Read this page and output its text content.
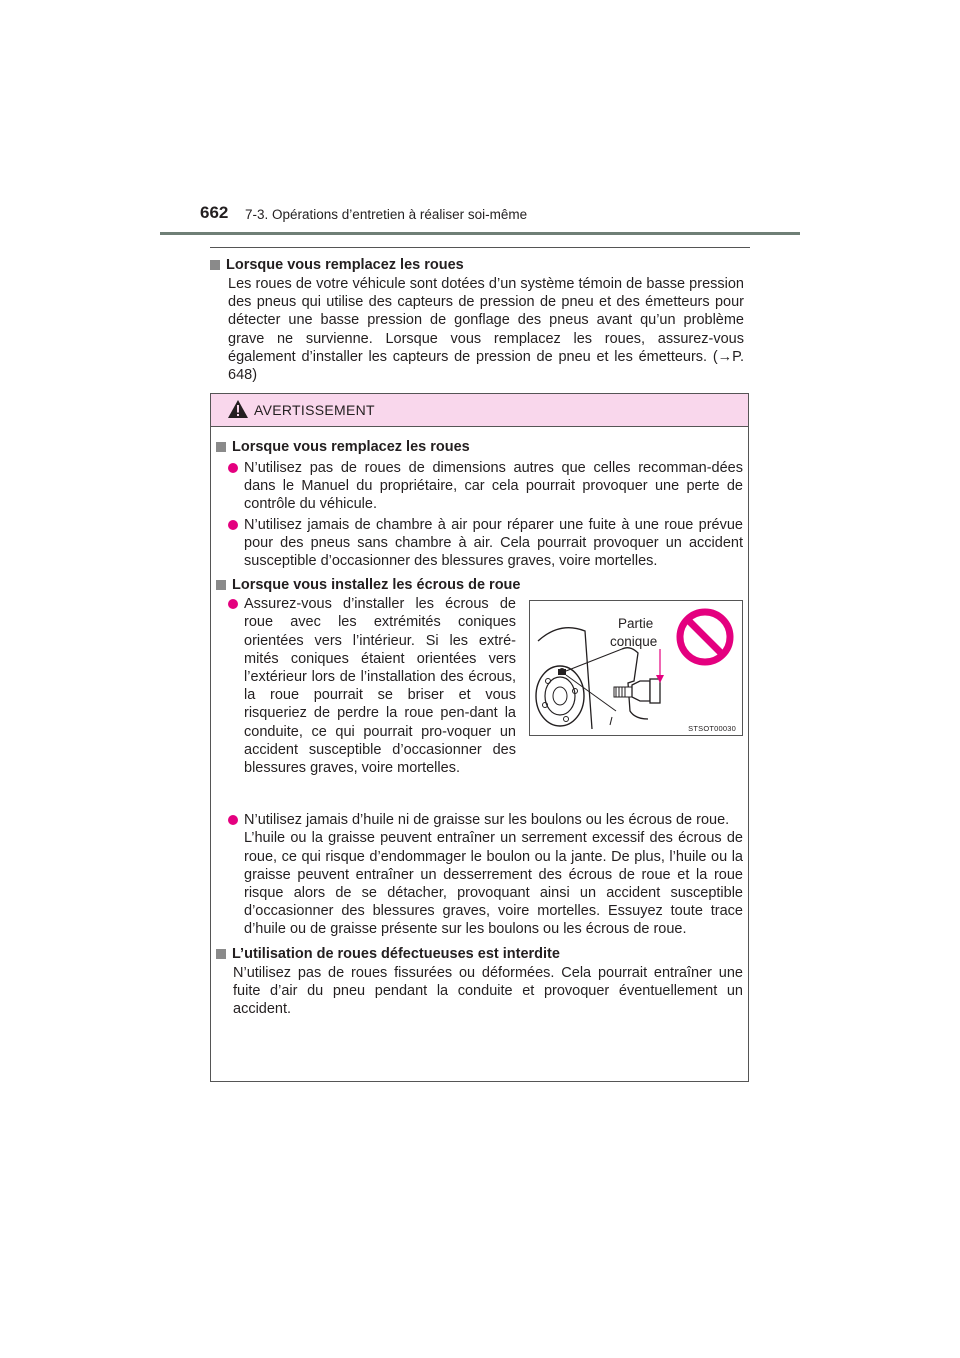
662 7-3. Opérations d’entretien à réaliser soi-même
Lorsque vous remplacez les roues
Les roues de votre véhicule sont dotées d’un système témoin de basse pression des pneus qui utilise des capteurs de pression de pneu et des émetteurs pour détecter une basse pression de gonflage des pneus avant qu’un problème grave ne survienne. Lorsque vous remplacez les roues, assurez-vous également d’installer les capteurs de pression de pneu et les émetteurs. (→P. 648)
AVERTISSEMENT
Lorsque vous remplacez les roues
N’utilisez pas de roues de dimensions autres que celles recomman-dées dans le Manuel du propriétaire, car cela pourrait provoquer une perte de contrôle du véhicule.
N’utilisez jamais de chambre à air pour réparer une fuite à une roue prévue pour des pneus sans chambre à air. Cela pourrait provoquer un accident susceptible d’occasionner des blessures graves, voire mortelles.
Lorsque vous installez les écrous de roue
Assurez-vous d’installer les écrous de roue avec les extrémités coniques orientées vers l’intérieur. Si les extré-mités coniques étaient orientées vers l’extérieur lors de l’installation des écrous, la roue pourrait se briser et vous risqueriez de perdre la roue pen-dant la conduite, ce qui pourrait pro-voquer un accident susceptible d’occasionner des blessures graves, voire mortelles.
Partie
conique
STSOT00030
N’utilisez jamais d’huile ni de graisse sur les boulons ou les écrous de roue.
L’huile ou la graisse peuvent entraîner un serrement excessif des écrous de roue, ce qui risque d’endommager le boulon ou la jante. De plus, l’huile ou la graisse peuvent entraîner un desserrement des écrous de roue et la roue risque alors de se détacher, provoquant ainsi un accident susceptible d’occasionner des blessures graves, voire mortelles. Essuyez toute trace d’huile ou de graisse présente sur les boulons ou les écrous de roue.
L’utilisation de roues défectueuses est interdite
N’utilisez pas de roues fissurées ou déformées. Cela pourrait entraîner une fuite d’air du pneu pendant la conduite et provoquer éventuellement un accident.
